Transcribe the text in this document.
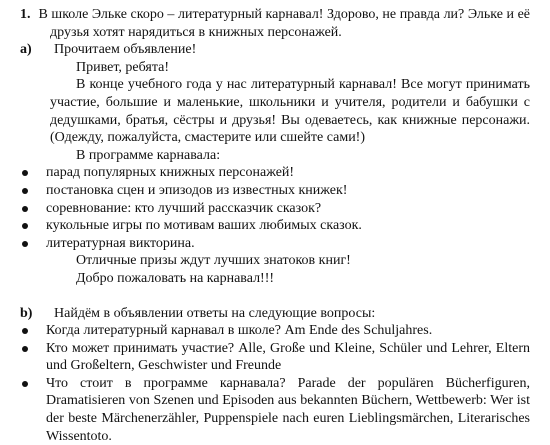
1. В школе Эльке скоро – литературный карнавал! Здорово, не правда ли? Эльке и её друзья хотят нарядиться в книжных персонажей.

а) Прочитаем объявление!

Привет, ребята!

В конце учебного года у нас литературный карнавал! Все могут принимать участие, большие и маленькие, школьники и учителя, родители и бабушки с дедушками, братья, сёстры и друзья! Вы одеваетесь, как книжные персонажи. (Одежду, пожалуйста, смастерите или сшейте сами!)

В программе карнавала:

парад популярных книжных персонажей!
постановка сцен и эпизодов из известных книжек!
соревнование: кто лучший рассказчик сказок?
кукольные игры по мотивам ваших любимых сказок.
литературная викторина.

Отличные призы ждут лучших знатоков книг!

Добро пожаловать на карнавал!!!

b) Найдём в объявлении ответы на следующие вопросы:

Когда литературный карнавал в школе? Am Ende des Schuljahres.
Кто может принимать участие? Alle, Große und Kleine, Schüler und Lehrer, Eltern und Großeltern, Geschwister und Freunde
Что стоит в программе карнавала? Parade der populären Bücherfiguren, Dramatisieren von Szenen und Episoden aus bekannten Büchern, Wettbewerb: Wer ist der beste Märchenerzähler, Puppenspiele nach euren Lieblingsmärchen, Literarisches Wissentoto.
